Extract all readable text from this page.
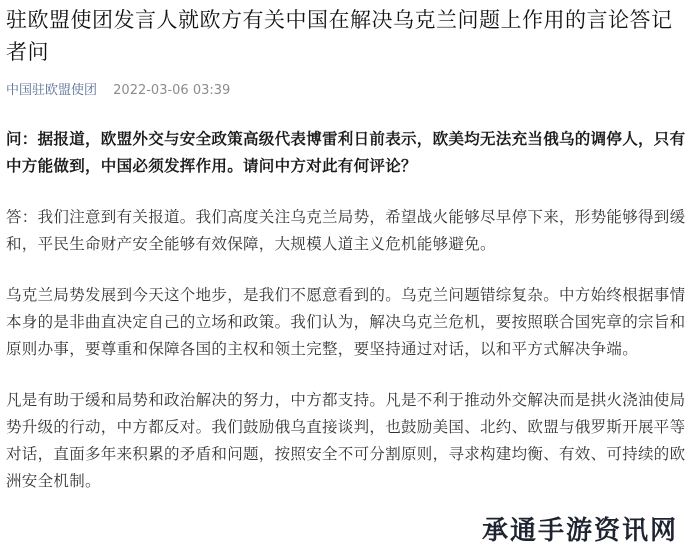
驻欧盟使团发言人就欧方有关中国在解决乌克兰问题上作用的言论答记者问
中国驻欧盟使团 2022-03-06 03:39

问：据报道，欧盟外交与安全政策高级代表博雷利日前表示，欧美均无法充当俄乌的调停人，只有中方能做到，中国必须发挥作用。请问中方对此有何评论？

答：我们注意到有关报道。我们高度关注乌克兰局势，希望战火能够尽早停下来，形势能够得到缓和，平民生命财产安全能够有效保障，大规模人道主义危机能够避免。

乌克兰局势发展到今天这个地步，是我们不愿意看到的。乌克兰问题错综复杂。中方始终根据事情本身的是非曲直决定自己的立场和政策。我们认为，解决乌克兰危机，要按照联合国宪章的宗旨和原则办事，要尊重和保障各国的主权和领土完整，要坚持通过对话，以和平方式解决争端。

凡是有助于缓和局势和政治解决的努力，中方都支持。凡是不利于推动外交解决而是拱火浇油使局势升级的行动，中方都反对。我们鼓励俄乌直接谈判，也鼓励美国、北约、欧盟与俄罗斯开展平等对话，直面多年来积累的矛盾和问题，按照安全不可分割原则，寻求构建均衡、有效、可持续的欧洲安全机制。

承通手游资讯网
